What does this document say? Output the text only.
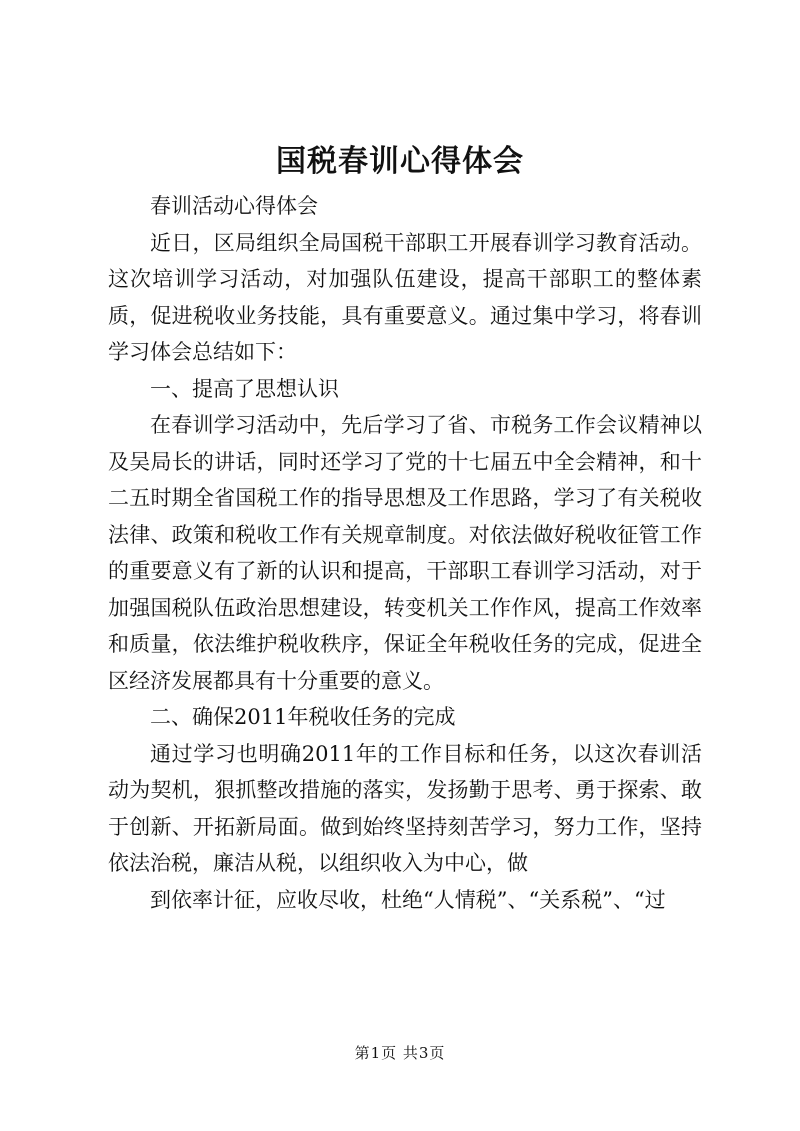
国税春训心得体会

春训活动心得体会

近日，区局组织全局国税干部职工开展春训学习教育活动。这次培训学习活动，对加强队伍建设，提高干部职工的整体素质，促进税收业务技能，具有重要意义。通过集中学习，将春训学习体会总结如下：

一、提高了思想认识

在春训学习活动中，先后学习了省、市税务工作会议精神以及吴局长的讲话，同时还学习了党的十七届五中全会精神，和十二五时期全省国税工作的指导思想及工作思路，学习了有关税收法律、政策和税收工作有关规章制度。对依法做好税收征管工作的重要意义有了新的认识和提高，干部职工春训学习活动，对于加强国税队伍政治思想建设，转变机关工作作风，提高工作效率和质量，依法维护税收秩序，保证全年税收任务的完成，促进全区经济发展都具有十分重要的意义。

二、确保2011年税收任务的完成

通过学习也明确2011年的工作目标和任务，以这次春训活动为契机，狠抓整改措施的落实，发扬勤于思考、勇于探索、敢于创新、开拓新局面。做到始终坚持刻苦学习，努力工作，坚持依法治税，廉洁从税，以组织收入为中心，做

到依率计征，应收尽收，杜绝“人情税”、“关系税”、“过

第1页 共3页
